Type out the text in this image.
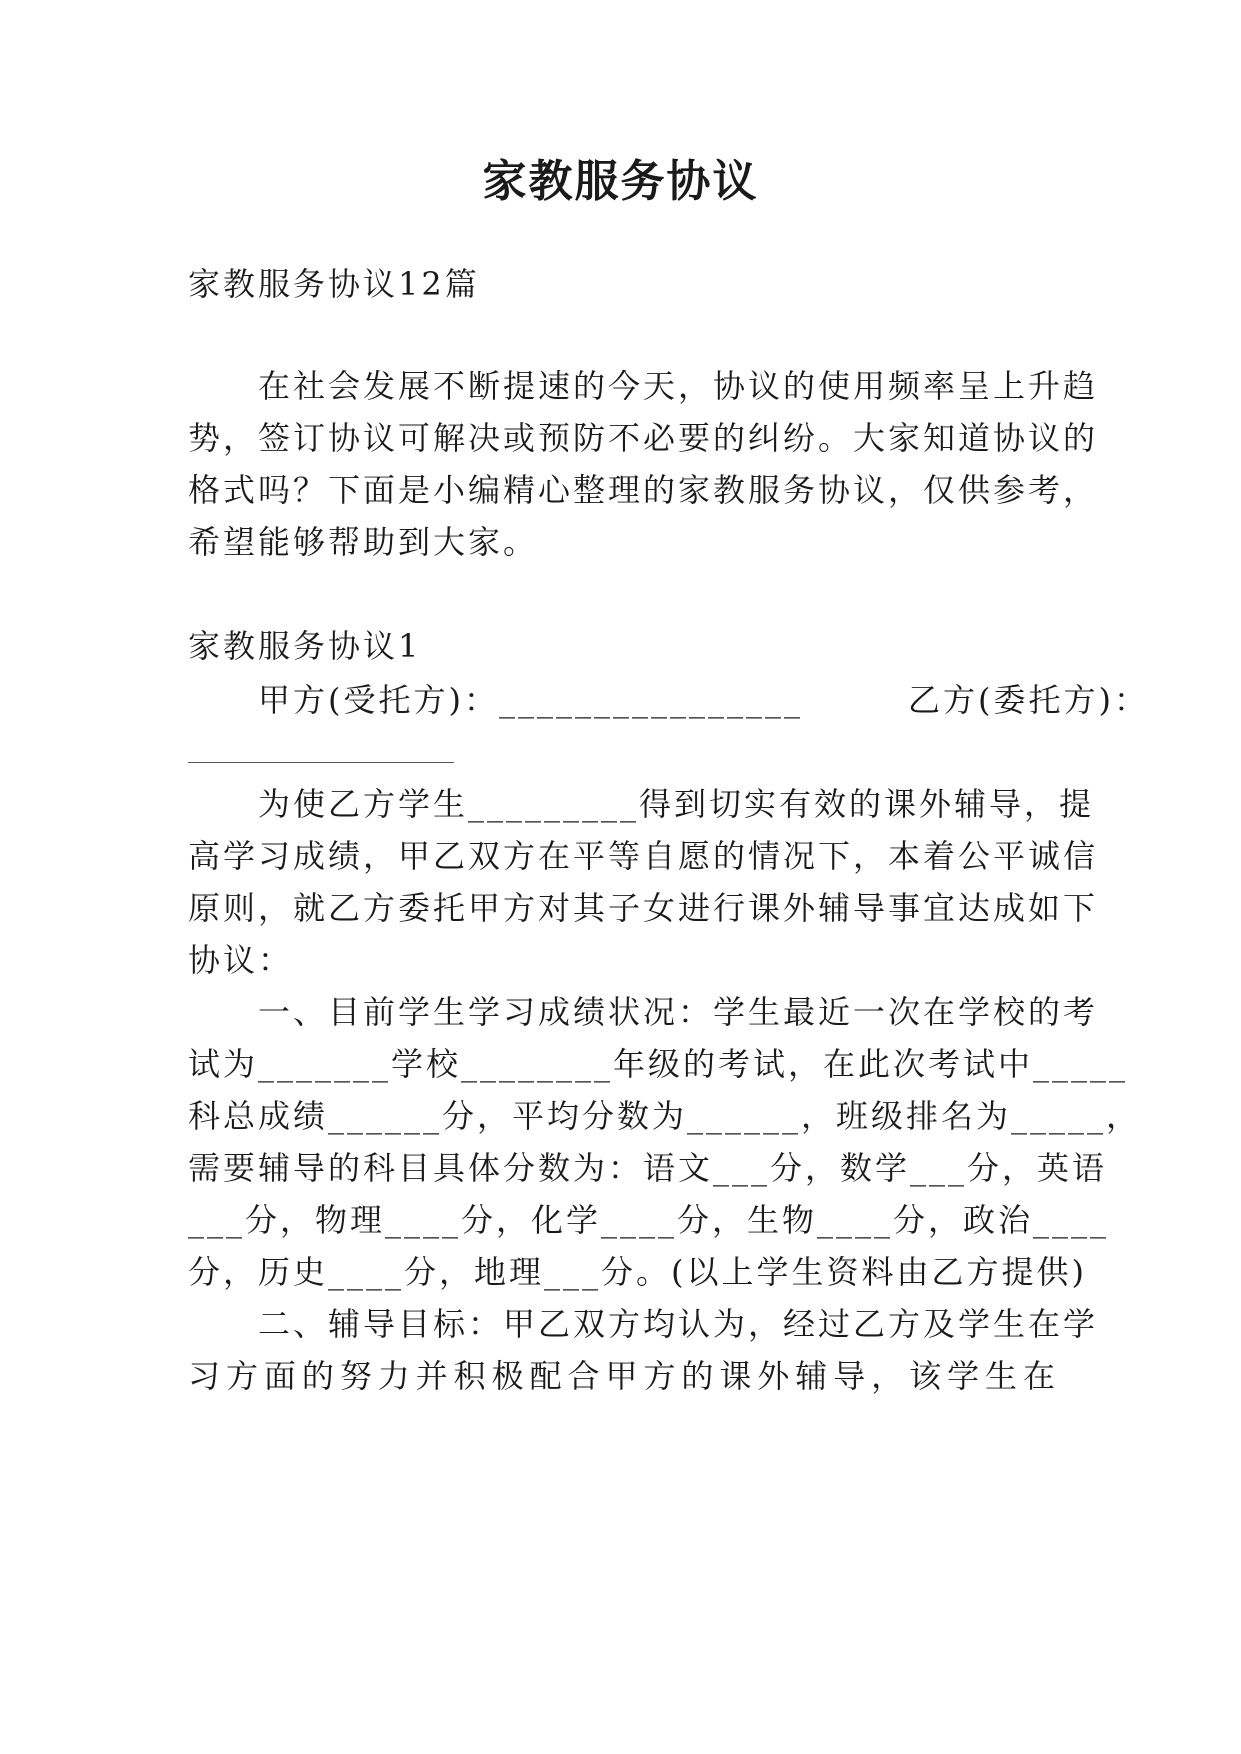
家教服务协议
家教服务协议12篇
在社会发展不断提速的今天，协议的使用频率呈上升趋
势，签订协议可解决或预防不必要的纠纷。大家知道协议的
格式吗？下面是小编精心整理的家教服务协议，仅供参考，
希望能够帮助到大家。
家教服务协议1
甲方(受托方)：________________　　　乙方(委托方)：
为使乙方学生_________得到切实有效的课外辅导，提
高学习成绩，甲乙双方在平等自愿的情况下，本着公平诚信
原则，就乙方委托甲方对其子女进行课外辅导事宜达成如下
协议：
一、目前学生学习成绩状况：学生最近一次在学校的考
试为_______学校________年级的考试，在此次考试中_____
科总成绩______分，平均分数为______，班级排名为_____，
需要辅导的科目具体分数为：语文___分，数学___分，英语
___分，物理____分，化学____分，生物____分，政治____
分，历史____分，地理___分。(以上学生资料由乙方提供)
二、辅导目标：甲乙双方均认为，经过乙方及学生在学
习方面的努力并积极配合甲方的课外辅导，该学生在
